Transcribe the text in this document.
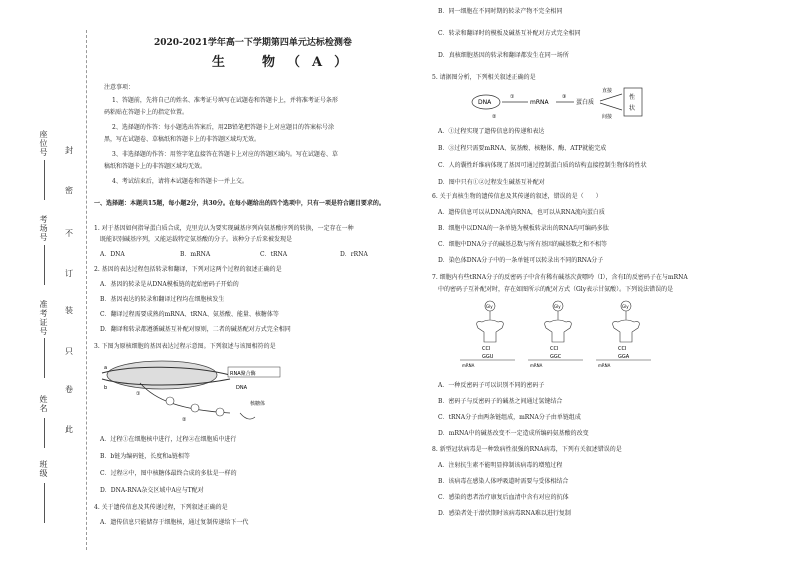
封
密
不
订
装
只
卷
此
座位号
考场号
准考证号
姓名
班级
2020-2021学年高一下学期第四单元达标检测卷
生　物（A）
注意事项：
1、答题前，先将自己的姓名、准考证号填写在试题卷和答题卡上，并将准考证号条形
码粘贴在答题卡上的指定位置。
2、选择题的作答：每小题选出答案后，用2B铅笔把答题卡上对应题目的答案标号涂
黑，写在试题卷、草稿纸和答题卡上的非答题区域均无效。
3、非选择题的作答：用签字笔直接答在答题卡上对应的答题区域内。写在试题卷、草
稿纸和答题卡上的非答题区域均无效。
4、考试结束后，请将本试题卷和答题卡一并上交。
一、选择题：本题共15题，每小题2分，共30分。在每小题给出的四个选项中，只有一项是符合题目要求的。
1. 对于基因如何指导蛋白质合成，克里克认为要实现碱基序列向氨基酸序列的转换，一定存在一种
既能识别碱基序列，又能运载特定氨基酸的分子。该种分子后来被发现是
A．DNA	B．mRNA	C．tRNA	D．rRNA
2. 基因的表达过程包括转录和翻译，下列对这两个过程的叙述正确的是
A．基因的转录是从DNA模板链的起始密码子开始的
B．基因表达的转录和翻译过程均在细胞核发生
C．翻译过程需要成熟的mRNA、tRNA、氨基酸、能量、核糖体等
D．翻译和转录都遵循碱基互补配对原则，二者的碱基配对方式完全相同
3. 下图为原核细胞的基因表达过程示意图。下列叙述与该图相符的是
RNA聚合酶
DNA
a
b
①
②
核糖体
A．过程①在细胞核中进行，过程②在细胞质中进行
B．b链为编码链，长度和a链相等
C．过程②中，图中核糖体最终合成的多肽是一样的
D．DNA-RNA杂交区域中A应与T配对
4. 关于遗传信息及其传递过程，下列叙述正确的是
A．遗传信息只能储存于细胞核，通过复制传递给下一代
B．同一细胞在不同时期的转录产物不完全相同
C．转录和翻译时的模板及碱基互补配对方式完全相同
D．真核细胞基因的转录和翻译都发生在同一场所
5. 请据图分析，下列相关叙述正确的是
DNA
①
②
mRNA
③
蛋白质
直接
间接
性
状
A．①过程实现了遗传信息的传递和表达
B．③过程只需要mRNA、氨基酸、核糖体、酶、ATP就能完成
C．人的囊性纤维病体现了基因可通过控制蛋白质的结构直接控制生物体的性状
D．图中只有①②过程发生碱基互补配对
6. 关于真核生物的遗传信息及其传递的叙述，错误的是（　　）
A．遗传信息可以从DNA流向RNA，也可以从RNA流向蛋白质
B．细胞中以DNA的一条单链为模板转录出的RNA均可编码多肽
C．细胞中DNA分子的碱基总数与所有基因的碱基数之和不相等
D．染色体DNA分子中的一条单链可以转录出不同的RNA分子
7. 细胞内有些tRNA分子的反密码子中含有稀有碱基次黄嘌呤（I），含有I的反密码子在与mRNA
中的密码子互补配对时，存在如图所示的配对方式（Gly表示甘氨酸）。下列说法错误的是
Gly
CCI
GGU
mRNA
Gly
CCI
GGC
mRNA
Gly
CCI
GGA
mRNA
A．一种反密码子可以识别不同的密码子
B．密码子与反密码子的碱基之间通过氢键结合
C．tRNA分子由两条链组成，mRNA分子由单链组成
D．mRNA中的碱基改变不一定造成所编码氨基酸的改变
8. 新型冠状病毒是一种致病性很强的RNA病毒，下列有关叙述错误的是
A．注射抗生素不能明显抑制该病毒的增殖过程
B．该病毒在感染人体呼吸道时需要与受体相结合
C．感染的患者治疗康复后血清中含有对应的抗体
D．感染者处于潜伏期时该病毒RNA难以进行复制
